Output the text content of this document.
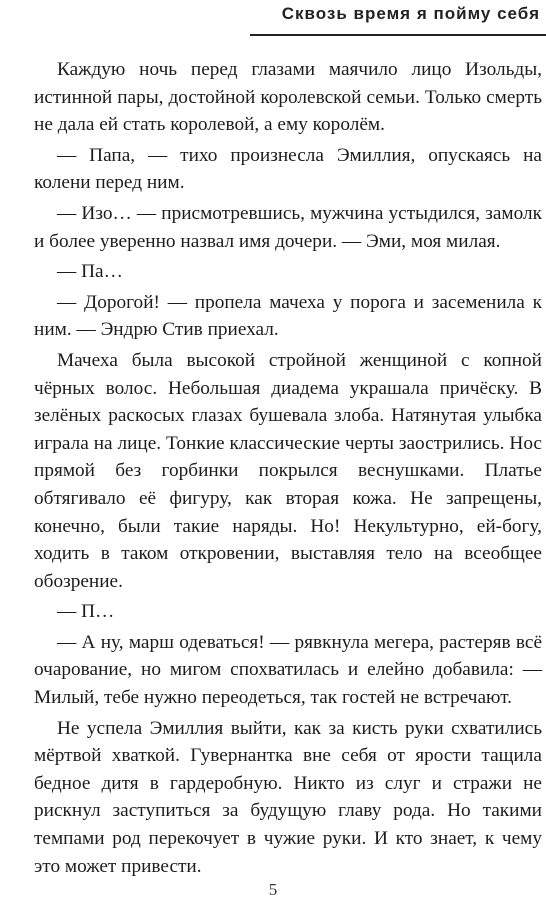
Сквозь время я пойму себя

Каждую ночь перед глазами маячило лицо Изольды, истинной пары, достойной королевской семьи. Только смерть не дала ей стать королевой, а ему королём.

— Папа, — тихо произнесла Эмиллия, опускаясь на колени перед ним.

— Изо… — присмотревшись, мужчина устыдился, замолк и более уверенно назвал имя дочери. — Эми, моя милая.

— Па…

— Дорогой! — пропела мачеха у порога и засеменила к ним. — Эндрю Стив приехал.

Мачеха была высокой стройной женщиной с копной чёрных волос. Небольшая диадема украшала причёску. В зелёных раскосых глазах бушевала злоба. Натянутая улыбка играла на лице. Тонкие классические черты заострились. Нос прямой без горбинки покрылся веснушками. Платье обтягивало её фигуру, как вторая кожа. Не запрещены, конечно, были такие наряды. Но! Некультурно, ей-богу, ходить в таком откровении, выставляя тело на всеобщее обозрение.

— П…

— А ну, марш одеваться! — рявкнула мегера, растеряв всё очарование, но мигом спохватилась и елейно добавила: — Милый, тебе нужно переодеться, так гостей не встречают.

Не успела Эмиллия выйти, как за кисть руки схватились мёртвой хваткой. Гувернантка вне себя от ярости тащила бедное дитя в гардеробную. Никто из слуг и стражи не рискнул заступиться за будущую главу рода. Но такими темпами род перекочует в чужие руки. И кто знает, к чему это может привести.

5
